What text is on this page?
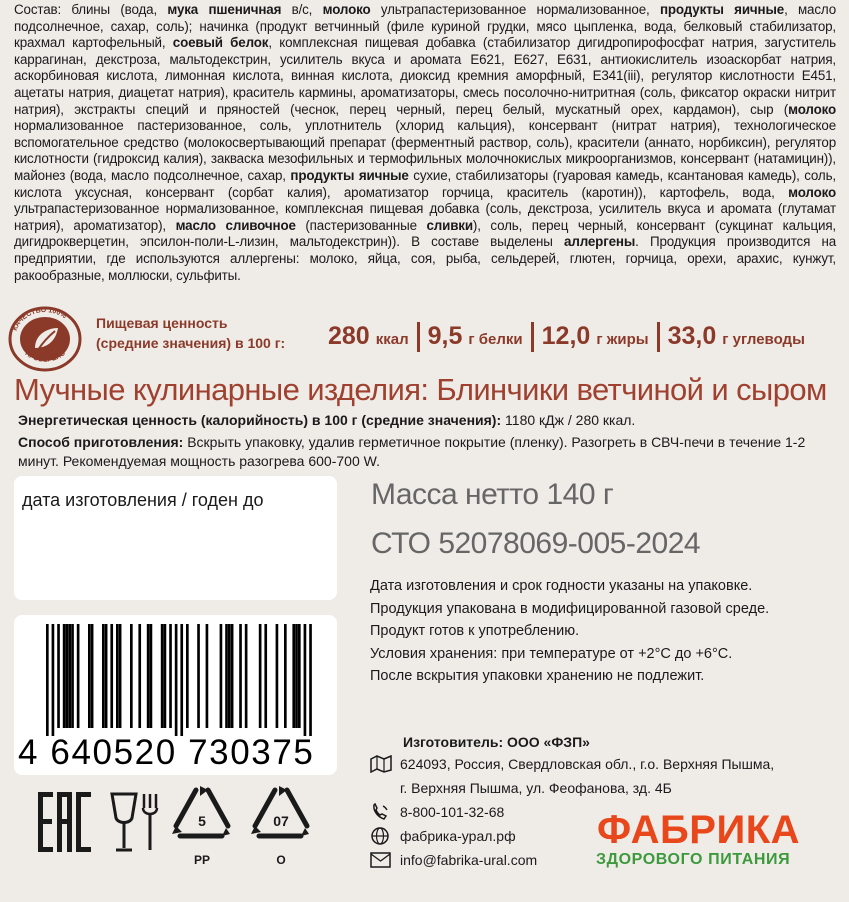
Состав: блины (вода, мука пшеничная в/с, молоко ультрапастеризованное нормализованное, продукты яичные, масло подсолнечное, сахар, соль); начинка (продукт ветчинный (филе куриной грудки, мясо цыпленка, вода, белковый стабилизатор, крахмал картофельный, соевый белок, комплексная пищевая добавка (стабилизатор дигидропирофосфат натрия, загуститель каррагинан, декстроза, мальтодекстрин, усилитель вкуса и аромата E621, E627, E631, антиокислитель изоаскорбат натрия, аскорбиновая кислота, лимонная кислота, винная кислота, диоксид кремния аморфный, E341(iii), регулятор кислотности E451, ацетаты натрия, диацетат натрия), краситель кармины, ароматизаторы, смесь посолочно-нитритная (соль, фиксатор окраски нитрит натрия), экстракты специй и пряностей (чеснок, перец черный, перец белый, мускатный орех, кардамон), сыр (молоко нормализованное пастеризованное, соль, уплотнитель (хлорид кальция), консервант (нитрат натрия), технологическое вспомогательное средство (молокосвертывающий препарат (ферментный раствор, соль), красители (аннато, норбиксин), регулятор кислотности (гидроксид калия), закваска мезофильных и термофильных молочнокислых микроорганизмов, консервант (натамицин)), майонез (вода, масло подсолнечное, сахар, продукты яичные сухие, стабилизаторы (гуаровая камедь, ксантановая камедь), соль, кислота уксусная, консервант (сорбат калия), ароматизатор горчица, краситель (каротин)), картофель, вода, молоко ультрапастеризованное нормализованное, комплексная пищевая добавка (соль, декстроза, усилитель вкуса и аромата (глутамат натрия), ароматизатор), масло сливочное (пастеризованные сливки), соль, перец черный, консервант (сукцинат кальция, дигидрокверцетин, эпсилон-поли-L-лизин, мальтодекстрин)). В составе выделены аллергены. Продукция производится на предприятии, где используются аллергены: молоко, яйца, соя, рыба, сельдерей, глютен, горчица, орехи, арахис, кунжут, ракообразные, моллюски, сульфиты.
КАЧЕСТВО 100%
ПРОВЕРЕНО
Пищевая ценность
(средние значения) в 100 г: 280 ккал 9,5 г белки 12,0 г жиры 33,0 г углеводы
Мучные кулинарные изделия: Блинчики ветчиной и сыром
Энергетическая ценность (калорийность) в 100 г (средние значения): 1180 кДж / 280 ккал.
Способ приготовления: Вскрыть упаковку, удалив герметичное покрытие (пленку). Разогреть в СВЧ-печи в течение 1-2 минут. Рекомендуемая мощность разогрева 600-700 W.
дата изготовления / годен до	Масса нетто 140 г
СТО 52078069-005-2024
Дата изготовления и срок годности указаны на упаковке.
Продукция упакована в модифицированной газовой среде.
Продукт готов к употреблению.
Условия хранения: при температуре от +2°С до +6°С.
После вскрытия упаковки хранению не подлежит.
4 640520 730375
5
PP
07
O
Изготовитель: ООО «ФЗП»
624093, Россия, Свердловская обл., г.о. Верхняя Пышма,
г. Верхняя Пышма, ул. Феофанова, зд. 4Б
8-800-101-32-68
фабрика-урал.рф
info@fabrika-ural.com
ФАБРИКА
ЗДОРОВОГО ПИТАНИЯ
